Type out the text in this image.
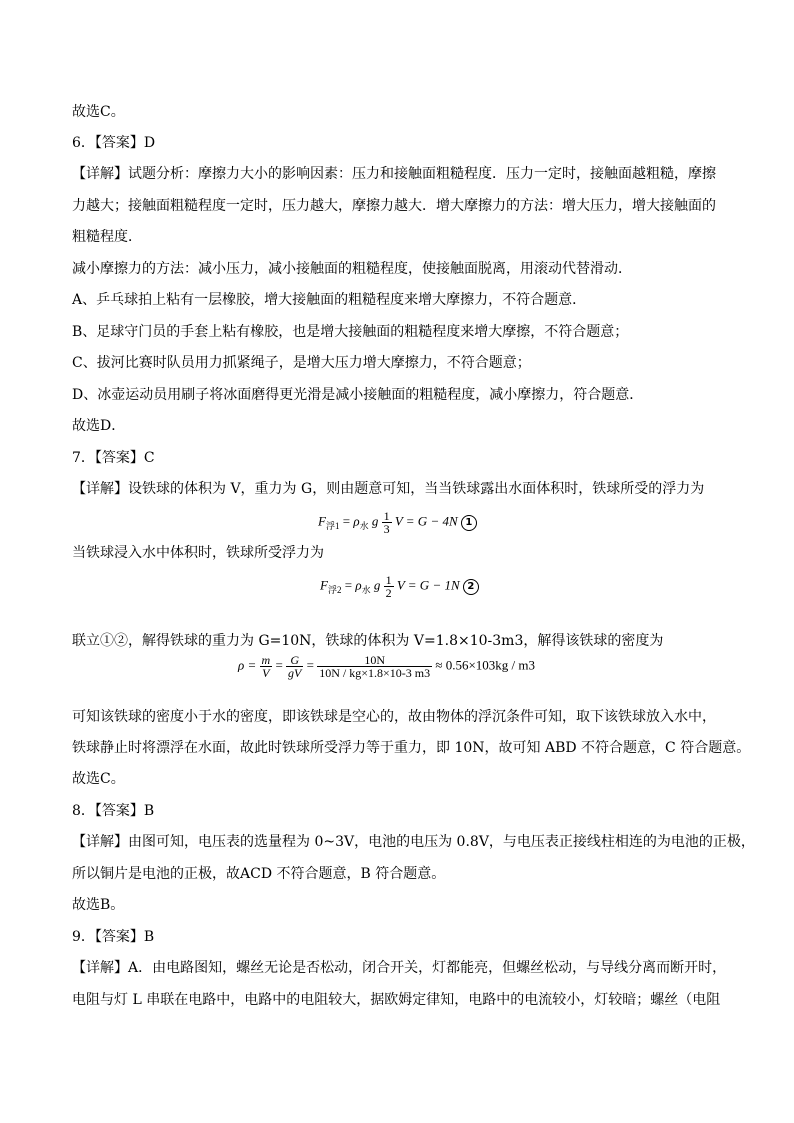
故选C。
6．【答案】D
【详解】试题分析：摩擦力大小的影响因素：压力和接触面粗糙程度．压力一定时，接触面越粗糙，摩擦
力越大；接触面粗糙程度一定时，压力越大，摩擦力越大．增大摩擦力的方法：增大压力，增大接触面的
粗糙程度．
减小摩擦力的方法：减小压力，减小接触面的粗糙程度，使接触面脱离，用滚动代替滑动．
A、乒乓球拍上粘有一层橡胶，增大接触面的粗糙程度来增大摩擦力，不符合题意．
B、足球守门员的手套上粘有橡胶，也是增大接触面的粗糙程度来增大摩擦，不符合题意；
C、拔河比赛时队员用力抓紧绳子，是增大压力增大摩擦力，不符合题意；
D、冰壶运动员用刷子将冰面磨得更光滑是减小接触面的粗糙程度，减小摩擦力，符合题意．
故选D．
7．【答案】C
【详解】设铁球的体积为 V，重力为 G，则由题意可知，当当铁球露出水面体积时，铁球所受的浮力为
$F_{浮1} = \rho_水$ g $\frac{1}{3}$ V = G − 4N 1
当铁球浸入水中体积时，铁球所受浮力为
$F_{浮2} = \rho_水$ g $\frac{1}{2}$ V = G − 1N 2
联立①②，解得铁球的重力为 G=10N，铁球的体积为 V=1.8×10-3m3，解得该铁球的密度为
$\rho = \frac{m}{V} = \frac{G}{gV} = \frac{10N}{10N / kg\times 1.8\times 10-3 m3} \approx 0.56\times 103kg / m3$
可知该铁球的密度小于水的密度，即该铁球是空心的，故由物体的浮沉条件可知，取下该铁球放入水中，
铁球静止时将漂浮在水面，故此时铁球所受浮力等于重力，即 10N，故可知 ABD 不符合题意，C 符合题意。
故选C。
8．【答案】B
【详解】由图可知，电压表的选量程为 0~3V，电池的电压为 0.8V，与电压表正接线柱相连的为电池的正极，
所以铜片是电池的正极，故ACD 不符合题意，B 符合题意。
故选B。
9．【答案】B
【详解】A．由电路图知，螺丝无论是否松动，闭合开关，灯都能亮，但螺丝松动，与导线分离而断开时，
电阻与灯 L 串联在电路中，电路中的电阻较大，据欧姆定律知，电路中的电流较小，灯较暗；螺丝（电阻
